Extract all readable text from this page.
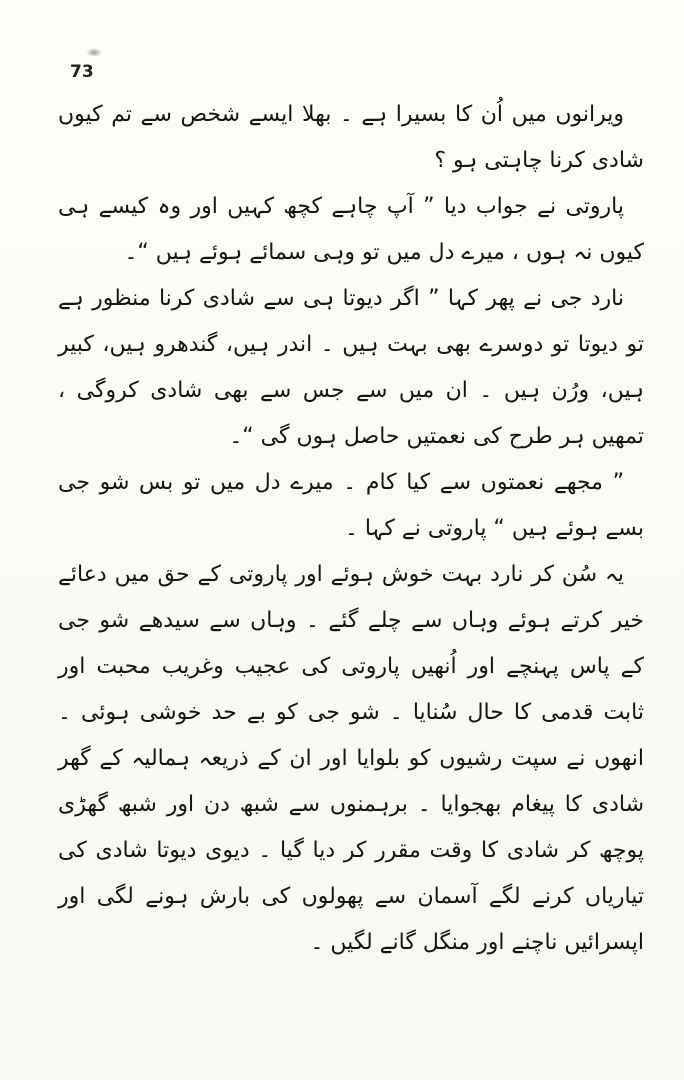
73

ویرانوں میں اُن کا بسیرا ہے ۔ بھلا ایسے شخص سے تم کیوں شادی کرنا چاہتی ہو ؟

پاروتی نے جواب دیا ” آپ چاہے کچھ کہیں اور وہ کیسے ہی کیوں نہ ہوں ، میرے دل میں تو وہی سمائے ہوئے ہیں “۔

نارد جی نے پھر کہا ” اگر دیوتا ہی سے شادی کرنا منظور ہے تو دیوتا تو دوسرے بھی بہت ہیں ۔ اندر ہیں، گندھرو ہیں، کبیر ہیں، ورُن ہیں ۔ ان میں سے جس سے بھی شادی کروگی ، تمھیں ہر طرح کی نعمتیں حاصل ہوں گی “۔

” مجھے نعمتوں سے کیا کام ۔ میرے دل میں تو بس شو جی بسے ہوئے ہیں “ پاروتی نے کہا ۔

یہ سُن کر نارد بہت خوش ہوئے اور پاروتی کے حق میں دعائے خیر کرتے ہوئے وہاں سے چلے گئے ۔ وہاں سے سیدھے شو جی کے پاس پہنچے اور اُنھیں پاروتی کی عجیب وغریب محبت اور ثابت قدمی کا حال سُنایا ۔ شو جی کو بے حد خوشی ہوئی ۔ انھوں نے سپت رشیوں کو بلوایا اور ان کے ذریعہ ہمالیہ کے گھر شادی کا پیغام بھجوایا ۔ برہمنوں سے شبھ دن اور شبھ گھڑی پوچھ کر شادی کا وقت مقرر کر دیا گیا ۔ دیوی دیوتا شادی کی تیاریاں کرنے لگے آسمان سے پھولوں کی بارش ہونے لگی اور اپسرائیں ناچنے اور منگل گانے لگیں ۔
